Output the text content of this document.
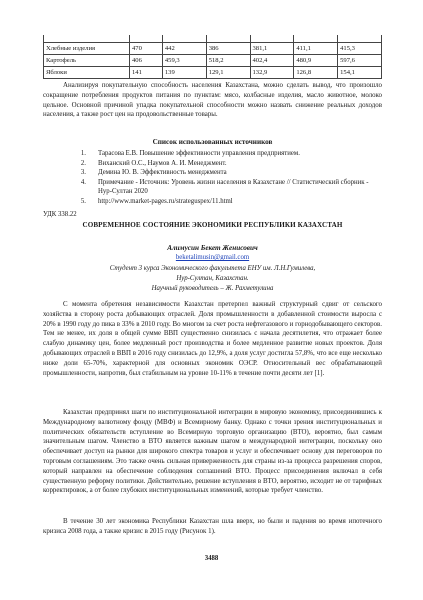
Хлебные изделия	470	442	386	381,1	411,1	415,3
Картофель	406	459,3	518,2	402,4	480,9	597,6
Яблоки	141	139	129,1	132,9	126,8	154,1

Анализируя покупательную способность населения Казахстана, можно сделать вывод, что произошло сокращение потребления продуктов питания по пунктам: мясо, колбасные изделия, масло животное, молоко цельное. Основной причиной упадка покупательной способности можно назвать снижение реальных доходов населения, а также рост цен на продовольственные товары.

Список использованных источников
1.	Тарасова Е.В. Повышение эффективности управления предприятием.
2.	Виханский О.С., Наумов А. И. Менеджмент.
3.	Демина Ю. В. Эффективность менеджмента
4.	Примечание - Источник: Уровень жизни населения в Казахстане // Статистический сборник - Нур-Султан 2020
5.	http://www.market-pages.ru/strateguspex/11.html
УДК 338.22
СОВРЕМЕННОЕ СОСТОЯНИЕ ЭКОНОМИКИ РЕСПУБЛИКИ КАЗАХСТАН
Алимусин Бекет Женисович
beketalimusin@gmail.com
Студент 3 курса Экономического факультета ЕНУ им. Л.Н.Гумилева,
Нур-Султан, Казахстан.
Научный руководитель – Ж. Рахметулина

С момента обретения независимости Казахстан претерпел важный структурный сдвиг от сельского хозяйства в сторону роста добывающих отраслей. Доля промышленности в добавленной стоимости выросла с 20% в 1990 году до пика в 33% в 2010 году. Во многом за счет роста нефтегазового и горнодобывающего секторов. Тем не менее, их доля в общей сумме ВВП существенно снизилась с начала десятилетия, что отражает более слабую динамику цен, более медленный рост производства и более медленное развитие новых проектов. Доля добывающих отраслей в ВВП в 2016 году снизилась до 12,9%, а доля услуг достигла 57,8%, что все еще несколько ниже доли 65-70%, характерной для основных экономик ОЭСР. Относительный вес обрабатывающей промышленности, напротив, был стабильным на уровне 10-11% в течение почти десяти лет [1].

Казахстан предпринял шаги по институциональной интеграции в мировую экономику, присоединившись к Международному валютному фонду (МВФ) и Всемирному банку. Однако с точки зрения институциональных и политических обязательств вступление во Всемирную торговую организацию (ВТО), вероятно, был самым значительным шагом. Членство в ВТО является важным шагом в международной интеграции, поскольку оно обеспечивает доступ на рынки для широкого спектра товаров и услуг и обеспечивает основу для переговоров по торговым соглашениям. Это также очень сильная приверженность для страны из-за процесса разрешения споров, который направлен на обеспечение соблюдения соглашений ВТО. Процесс присоединения включал в себя существенную реформу политики. Действительно, решение вступления в ВТО, вероятно, исходит не от тарифных корректировок, а от более глубоких институциональных изменений, которые требует членство.

В течение 30 лет экономика Республики Казахстан шла вверх, но были и падения во время ипотечного кризиса 2008 года, а также кризис в 2015 году (Рисунок 1).

3488
